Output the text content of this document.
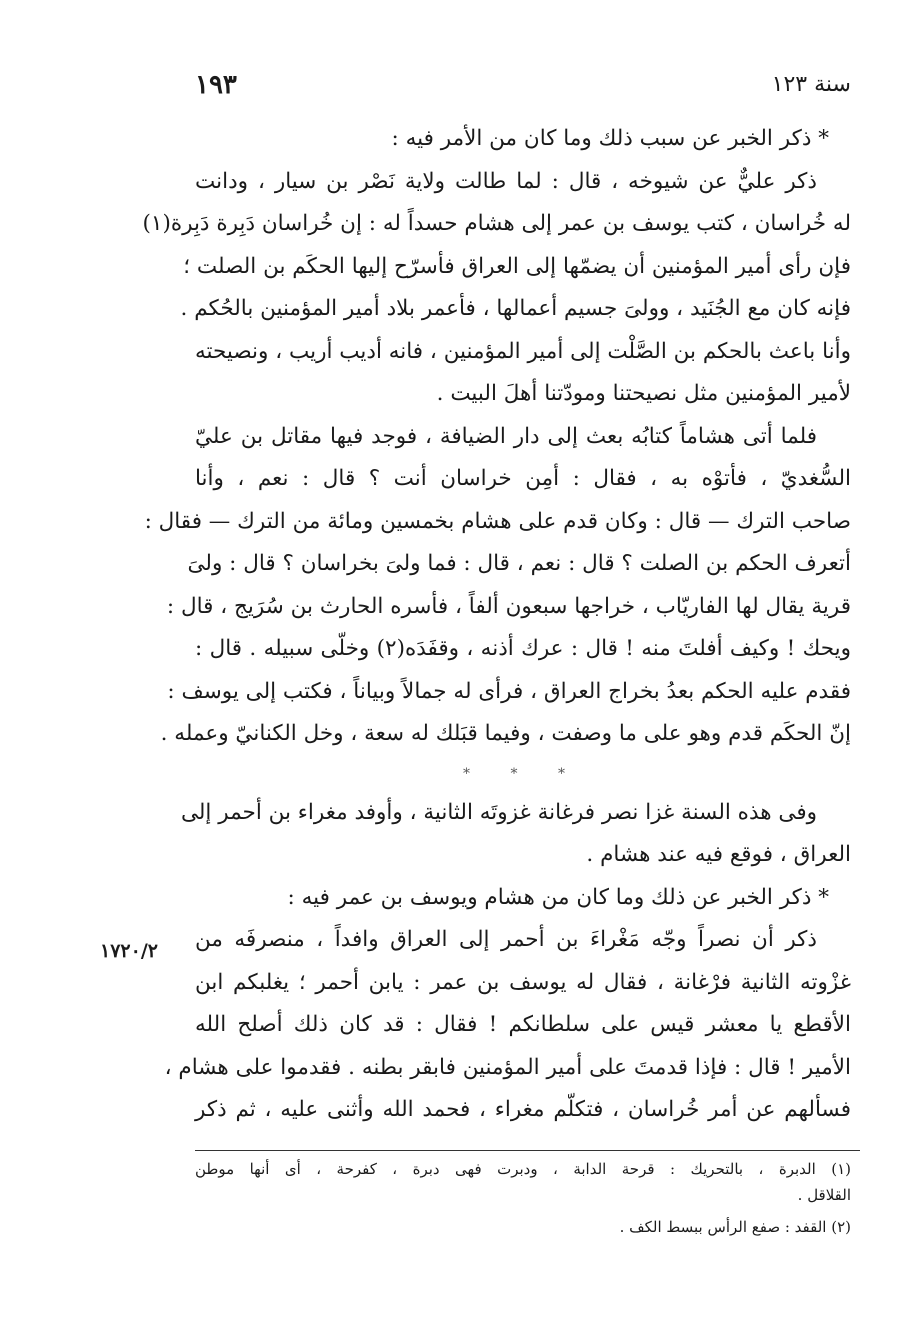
١٩٣	سنة ١٢٣
١٧٢٠/٢
* ذكر الخبر عن سبب ذلك وما كان من الأمر فيه :
ذكر عليٌّ عن شيوخه ، قال : لما طالت ولاية نَصْر بن سيار ، ودانت
له خُراسان ، كتب يوسف بن عمر إلى هشام حسداً له : إن خُراسان دَبِرة دَبِرة(١)
فإن رأى أمير المؤمنين أن يضمّها إلى العراق فأسرّح إليها الحكَم بن الصلت ؛
فإنه كان مع الجُنَيد ، وولىَ جسيم أعمالها ، فأعمر بلاد أمير المؤمنين بالحُكم .
وأنا باعث بالحكم بن الصَّلْت إلى أمير المؤمنين ، فانه أديب أريب ، ونصيحته
لأمير المؤمنين مثل نصيحتنا ومودّتنا أهلَ البيت .
فلما أتى هشاماً كتابُه بعث إلى دار الضيافة ، فوجد فيها مقاتل بن عليّ
السُّغديّ ، فأتوْه به ، فقال : أمِن خراسان أنت ؟ قال : نعم ، وأنا
صاحب الترك — قال : وكان قدم على هشام بخمسين ومائة من الترك — فقال :
أتعرف الحكم بن الصلت ؟ قال : نعم ، قال : فما ولىَ بخراسان ؟ قال : ولىَ
قرية يقال لها الفاريّاب ، خراجها سبعون ألفاً ، فأسره الحارث بن سُرَيج ، قال :
ويحك ! وكيف أفلتَ منه ! قال : عرك أذنه ، وقفَدَه(٢) وخلّى سبيله . قال :
فقدم عليه الحكم بعدُ بخراج العراق ، فرأى له جمالاً وبياناً ، فكتب إلى يوسف :
إنّ الحكَم قدم وهو على ما وصفت ، وفيما قبَلك له سعة ، وخل الكنانيّ وعمله .
* * *
وفى هذه السنة غزا نصر فرغانة غزوتَه الثانية ، وأوفد مغراء بن أحمر إلى
العراق ، فوقع فيه عند هشام .
* ذكر الخبر عن ذلك وما كان من هشام ويوسف بن عمر فيه :
ذكر أن نصراً وجّه مَغْراءَ بن أحمر إلى العراق وافداً ، منصرفَه من
غزْوته الثانية فرْغانة ، فقال له يوسف بن عمر : يابن أحمر ؛ يغلبكم ابن
الأقطع يا معشر قيس على سلطانكم ! فقال : قد كان ذلك أصلح الله
الأمير ! قال : فإذا قدمتَ على أمير المؤمنين فابقر بطنه . فقدموا على هشام ،
فسألهم عن أمر خُراسان ، فتكلّم مغراء ، فحمد الله وأثنى عليه ، ثم ذكر
(١) الدبرة ، بالتحريك : قرحة الدابة ، ودبرت فهى دبرة ، كفرحة ، أى أنها موطن
القلاقل .
(٢) القفد : صفع الرأس ببسط الكف .
